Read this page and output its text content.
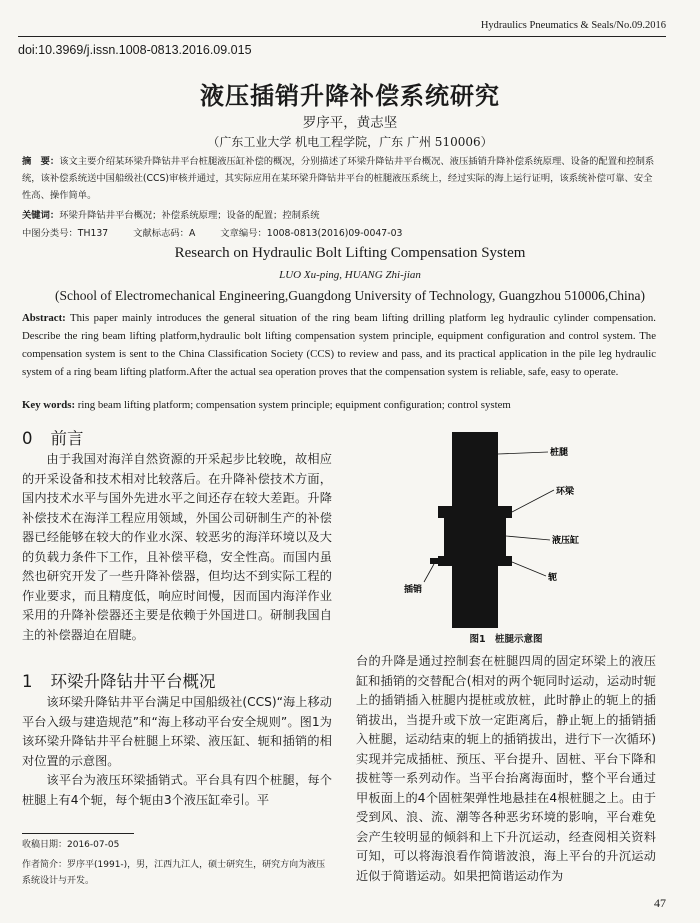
Hydraulics Pneumatics & Seals/No.09.2016
doi:10.3969/j.issn.1008-0813.2016.09.015
液压插销升降补偿系统研究
罗序平，黄志坚
（广东工业大学 机电工程学院，广东 广州 510006）
摘　要：该文主要介绍某环梁升降钻井平台桩腿液压缸补偿的概况，分别描述了环梁升降钻井平台概况、液压插销升降补偿系统原理、设备的配置和控制系统，该补偿系统送中国船级社(CCS)审核并通过，其实际应用在某环梁升降钻井平台的桩腿液压系统上，经过实际的海上运行证明，该系统补偿可靠、安全性高、操作简单。
关键词：环梁升降钻井平台概况；补偿系统原理；设备的配置；控制系统
中图分类号：TH137	文献标志码：A	文章编号：1008-0813(2016)09-0047-03
Research on Hydraulic Bolt Lifting Compensation System
LUO Xu-ping, HUANG Zhi-jian
(School of Electromechanical Engineering,Guangdong University of Technology, Guangzhou 510006,China)
Abstract: This paper mainly introduces the general situation of the ring beam lifting drilling platform leg hydraulic cylinder compensation. Describe the ring beam lifting platform,hydraulic bolt lifting compensation system principle, equipment configuration and control system. The compensation system is sent to the China Classification Society (CCS) to review and pass, and its practical application in the pile leg hydraulic system of a ring beam lifting platform.After the actual sea operation proves that the compensation system is reliable, safe, easy to operate.
Key words: ring beam lifting platform; compensation system principle; equipment configuration; control system
0 前言

由于我国对海洋自然资源的开采起步比较晚，故相应的开采设备和技术相对比较落后。在升降补偿技术方面，国内技术水平与国外先进水平之间还存在较大差距。升降补偿技术在海洋工程应用领域，外国公司研制生产的补偿器已经能够在较大的作业水深、较恶劣的海洋环境以及大的负载力条件下工作，且补偿平稳，安全性高。而国内虽然也研究开发了一些升降补偿器，但均达不到实际工程的作业要求，而且精度低，响应时间慢，因而国内海洋作业采用的升降补偿器还主要是依赖于外国进口。研制我国自主的补偿器迫在眉睫。

1 环梁升降钻井平台概况

该环梁升降钻井平台满足中国船级社(CCS)“海上移动平台入级与建造规范”和“海上移动平台安全规则”。图1为该环梁升降钻井平台桩腿上环梁、液压缸、轭和插销的相对位置的示意图。

该平台为液压环梁插销式。平台具有四个桩腿，每个桩腿上有4个轭，每个轭由3个液压缸牵引。平

收稿日期：2016-07-05
作者简介：罗序平(1991-)，男，江西九江人，硕士研究生，研究方向为液压系统设计与开发。
桩腿
环梁
液压缸
轭
插销
图1　桩腿示意图

台的升降是通过控制套在桩腿四周的固定环梁上的液压缸和插销的交替配合(相对的两个轭同时运动，运动时轭上的插销插入桩腿内提桩或放桩，此时静止的轭上的插销拔出，当提升或下放一定距离后，静止轭上的插销插入桩腿，运动结束的轭上的插销拔出，进行下一次循环)实现并完成插桩、预压、平台提升、固桩、平台下降和拔桩等一系列动作。当平台抬离海面时，整个平台通过甲板面上的4个固桩架弹性地悬挂在4根桩腿之上。由于受到风、浪、流、潮等各种恶劣环境的影响，平台难免会产生较明显的倾斜和上下升沉运动，经查阅相关资料可知，可以将海浪看作简谐波浪，海上平台的升沉运动近似于简谐运动。如果把简谐运动作为

47
